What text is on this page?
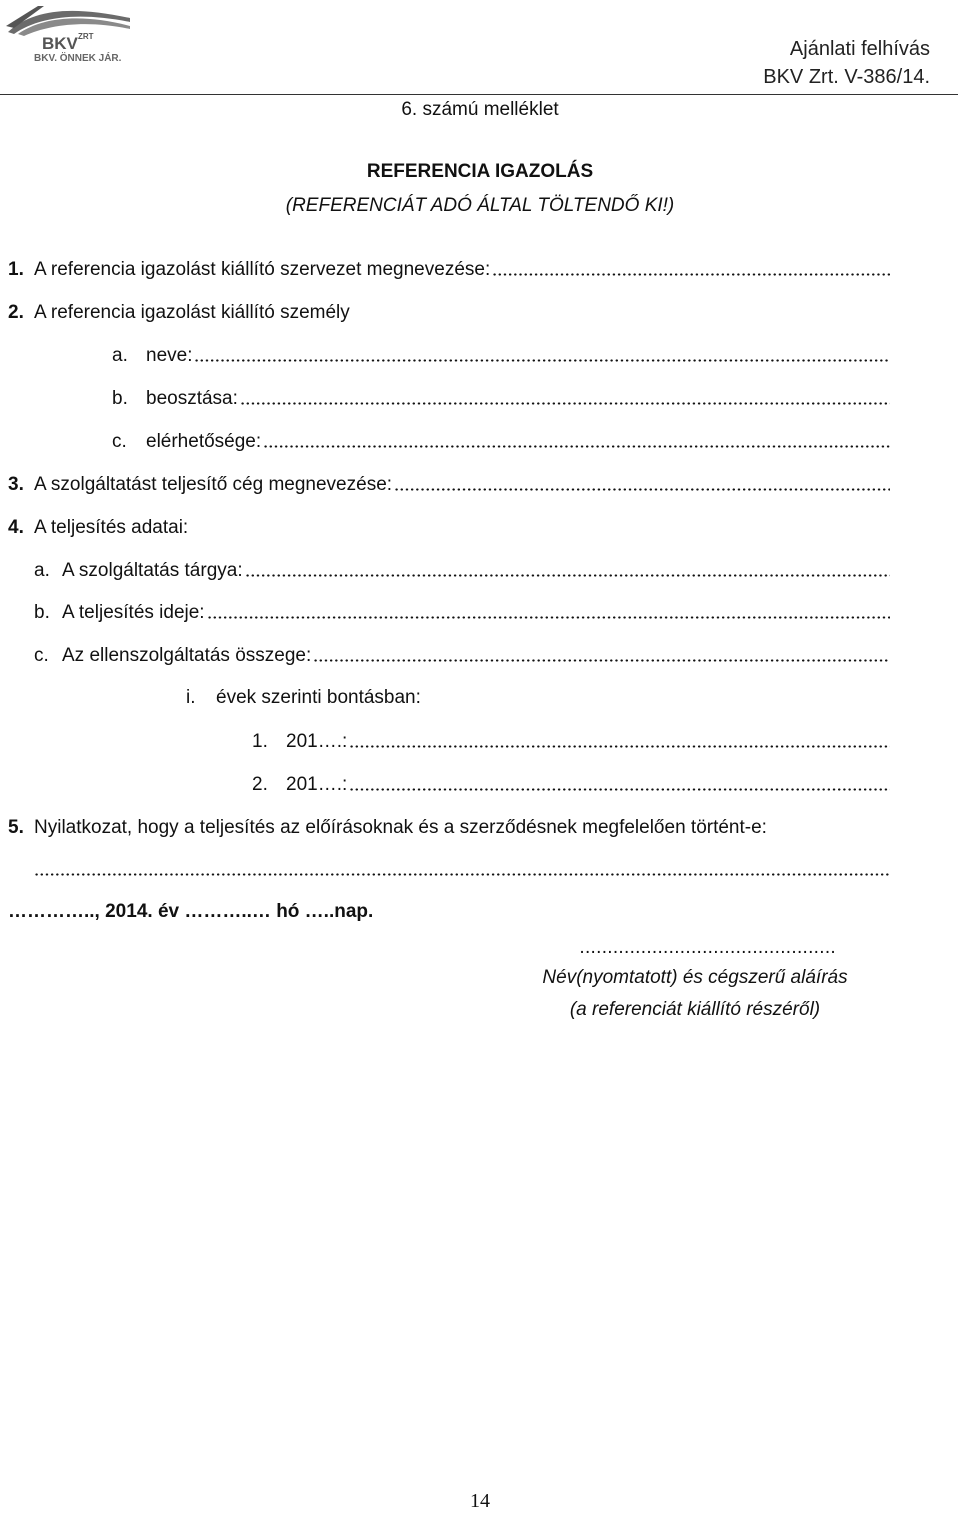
BKV ZRT
BKV. ÖNNEK JÁR.	Ajánlati felhívás
BKV Zrt. V-386/14.
6. számú melléklet
REFERENCIA IGAZOLÁS
(REFERENCIÁT ADÓ ÁLTAL TÖLTENDŐ KI!)
1. A referencia igazolást kiállító szervezet megnevezése:
2. A referencia igazolást kiállító személy
a. neve:
b. beosztása:
c.	elérhetősége:
3. A szolgáltatást teljesítő cég megnevezése:
4. A teljesítés adatai:
a. A szolgáltatás tárgya:
b. A teljesítés ideje:
c. Az ellenszolgáltatás összege:
i.	évek szerinti bontásban:
1. 201….:
2. 201….:
5. Nyilatkozat, hogy a teljesítés az előírásoknak és a szerződésnek megfelelően történt-e:
………….., 2014. év ………..… hó …..nap.
..............................................
Név(nyomtatott) és cégszerű aláírás
(a referenciát kiállító részéről)
14
